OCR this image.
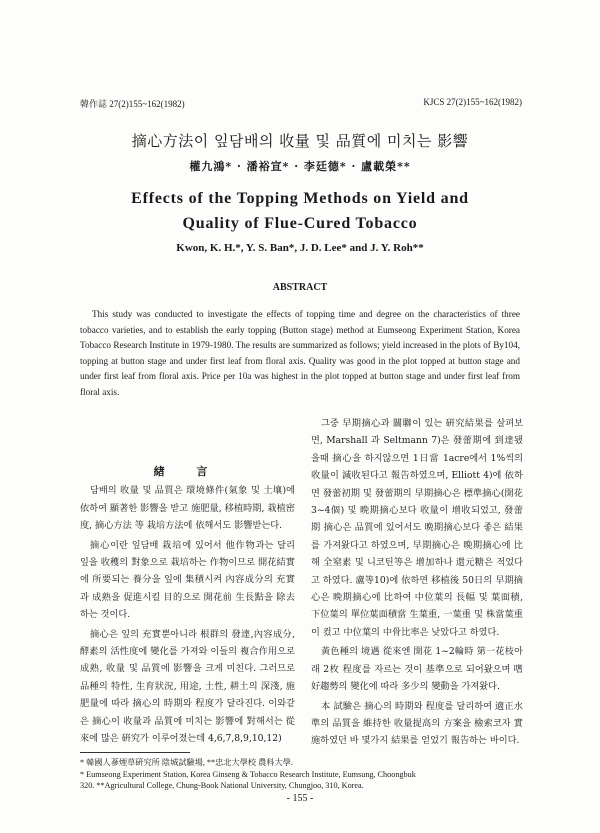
韓作誌 27(2)155~162(1982)	KJCS 27(2)155~162(1982)
摘心方法이 잎담배의 收量 및 品質에 미치는 影響
權九鴻* · 潘裕宣* · 李廷德* · 盧載榮**
Effects of the Topping Methods on Yield and
Quality of Flue-Cured Tobacco
Kwon, K. H.*, Y. S. Ban*, J. D. Lee* and J. Y. Roh**
ABSTRACT
This study was conducted to investigate the effects of topping time and degree on the characteristics of three tobacco varieties, and to establish the early topping (Button stage) method at Eumseong Experiment Station, Korea Tobacco Research Institute in 1979-1980. The results are summarized as follows; yield increased in the plots of By104, topping at button stage and under first leaf from floral axis. Quality was good in the plot topped at button stage and under first leaf from floral axis. Price per 10a was highest in the plot topped at button stage and under first leaf from floral axis.

緖 言

담배의 收量 및 品質은 環境條件(氣象 및 土壤)에 依하여 顯著한 影響을 받고 施肥量, 移植時期, 栽植密度, 摘心方法 等 栽培方法에 依해서도 影響받는다.

摘心이란 잎담배 栽培에 있어서 他作物과는 달리 잎을 收穫의 對象으로 栽培하는 作物이므로 開花結實에 所要되는 養分을 잎에 集積시켜 內容成分의 充實과 成熟을 促進시킬 目的으로 開花前 生長點을 除去하는 것이다.

摘心은 잎의 充實뿐아니라 根群의 發達,內容成分,酵素의 活性度에 變化를 가져와 이들의 複合作用으로 成熟, 收量 및 品質에 影響을 크게 미친다. 그러므로 品種의 特性, 生育狀況, 用途, 土性, 耕土의 深淺, 施肥量에 따라 摘心의 時期와 程度가 달라진다. 이와같은 摘心이 收量과 品質에 미치는 影響에 對해서는 從來에 많은 硏究가 이루어졌는데 4,6,7,8,9,10,12)

그중 早期摘心과 關聯이 있는 硏究結果를 살펴보면, Marshall 과 Seltmann 7)은 發蕾期에 到達됐을때 摘心을 하지않으면 1日當 1acre에서 1%씩의 收量이 減收된다고 報告하였으며, Elliott 4)에 依하면 發蕾初期 및 發蕾期의 早期摘心은 標準摘心(開花3~4個) 및 晩期摘心보다 收量이 增收되었고, 發蕾期 摘心은 品質에 있어서도 晩期摘心보다 좋은 結果를 가져왔다고 하였으며, 早期摘心은 晩期摘心에 比해 全窒素 및 니코틴等은 增加하나 還元糖은 적었다고 하였다. 盧等10)에 依하면 移植後 50日의 早期摘心은 晩期摘心에 比하여 中位葉의 長幅 및 葉面積, 下位葉의 單位葉面積當 生葉重, 一葉重 및 株當葉重이 컸고 中位葉의 中骨比率은 낮았다고 하였다.

黃色種의 境遇 從來엔 開花 1~2輪時 第一花枝아래 2枚 程度를 자르는 것이 基準으로 되어왔으며 嗜好趨勢의 變化에 따라 多少의 變動을 가져왔다.

本 試驗은 摘心의 時期와 程度를 달리하여 適正水準의 品質을 維持한 收量提高의 方案을 檢索코자 實施하였던 바 몇가지 結果를 얻었기 報告하는 바이다.

* 韓國人蔘煙草硏究所 陰城試驗場, **忠北大學校 農科大學.
* Eumseong Experiment Station, Korea Ginseng & Tobacco Research Institute, Eumsung, Choongbuk
320. **Agricultural College, Chung-Book National University, Chungjoo, 310, Korea.
- 155 -
